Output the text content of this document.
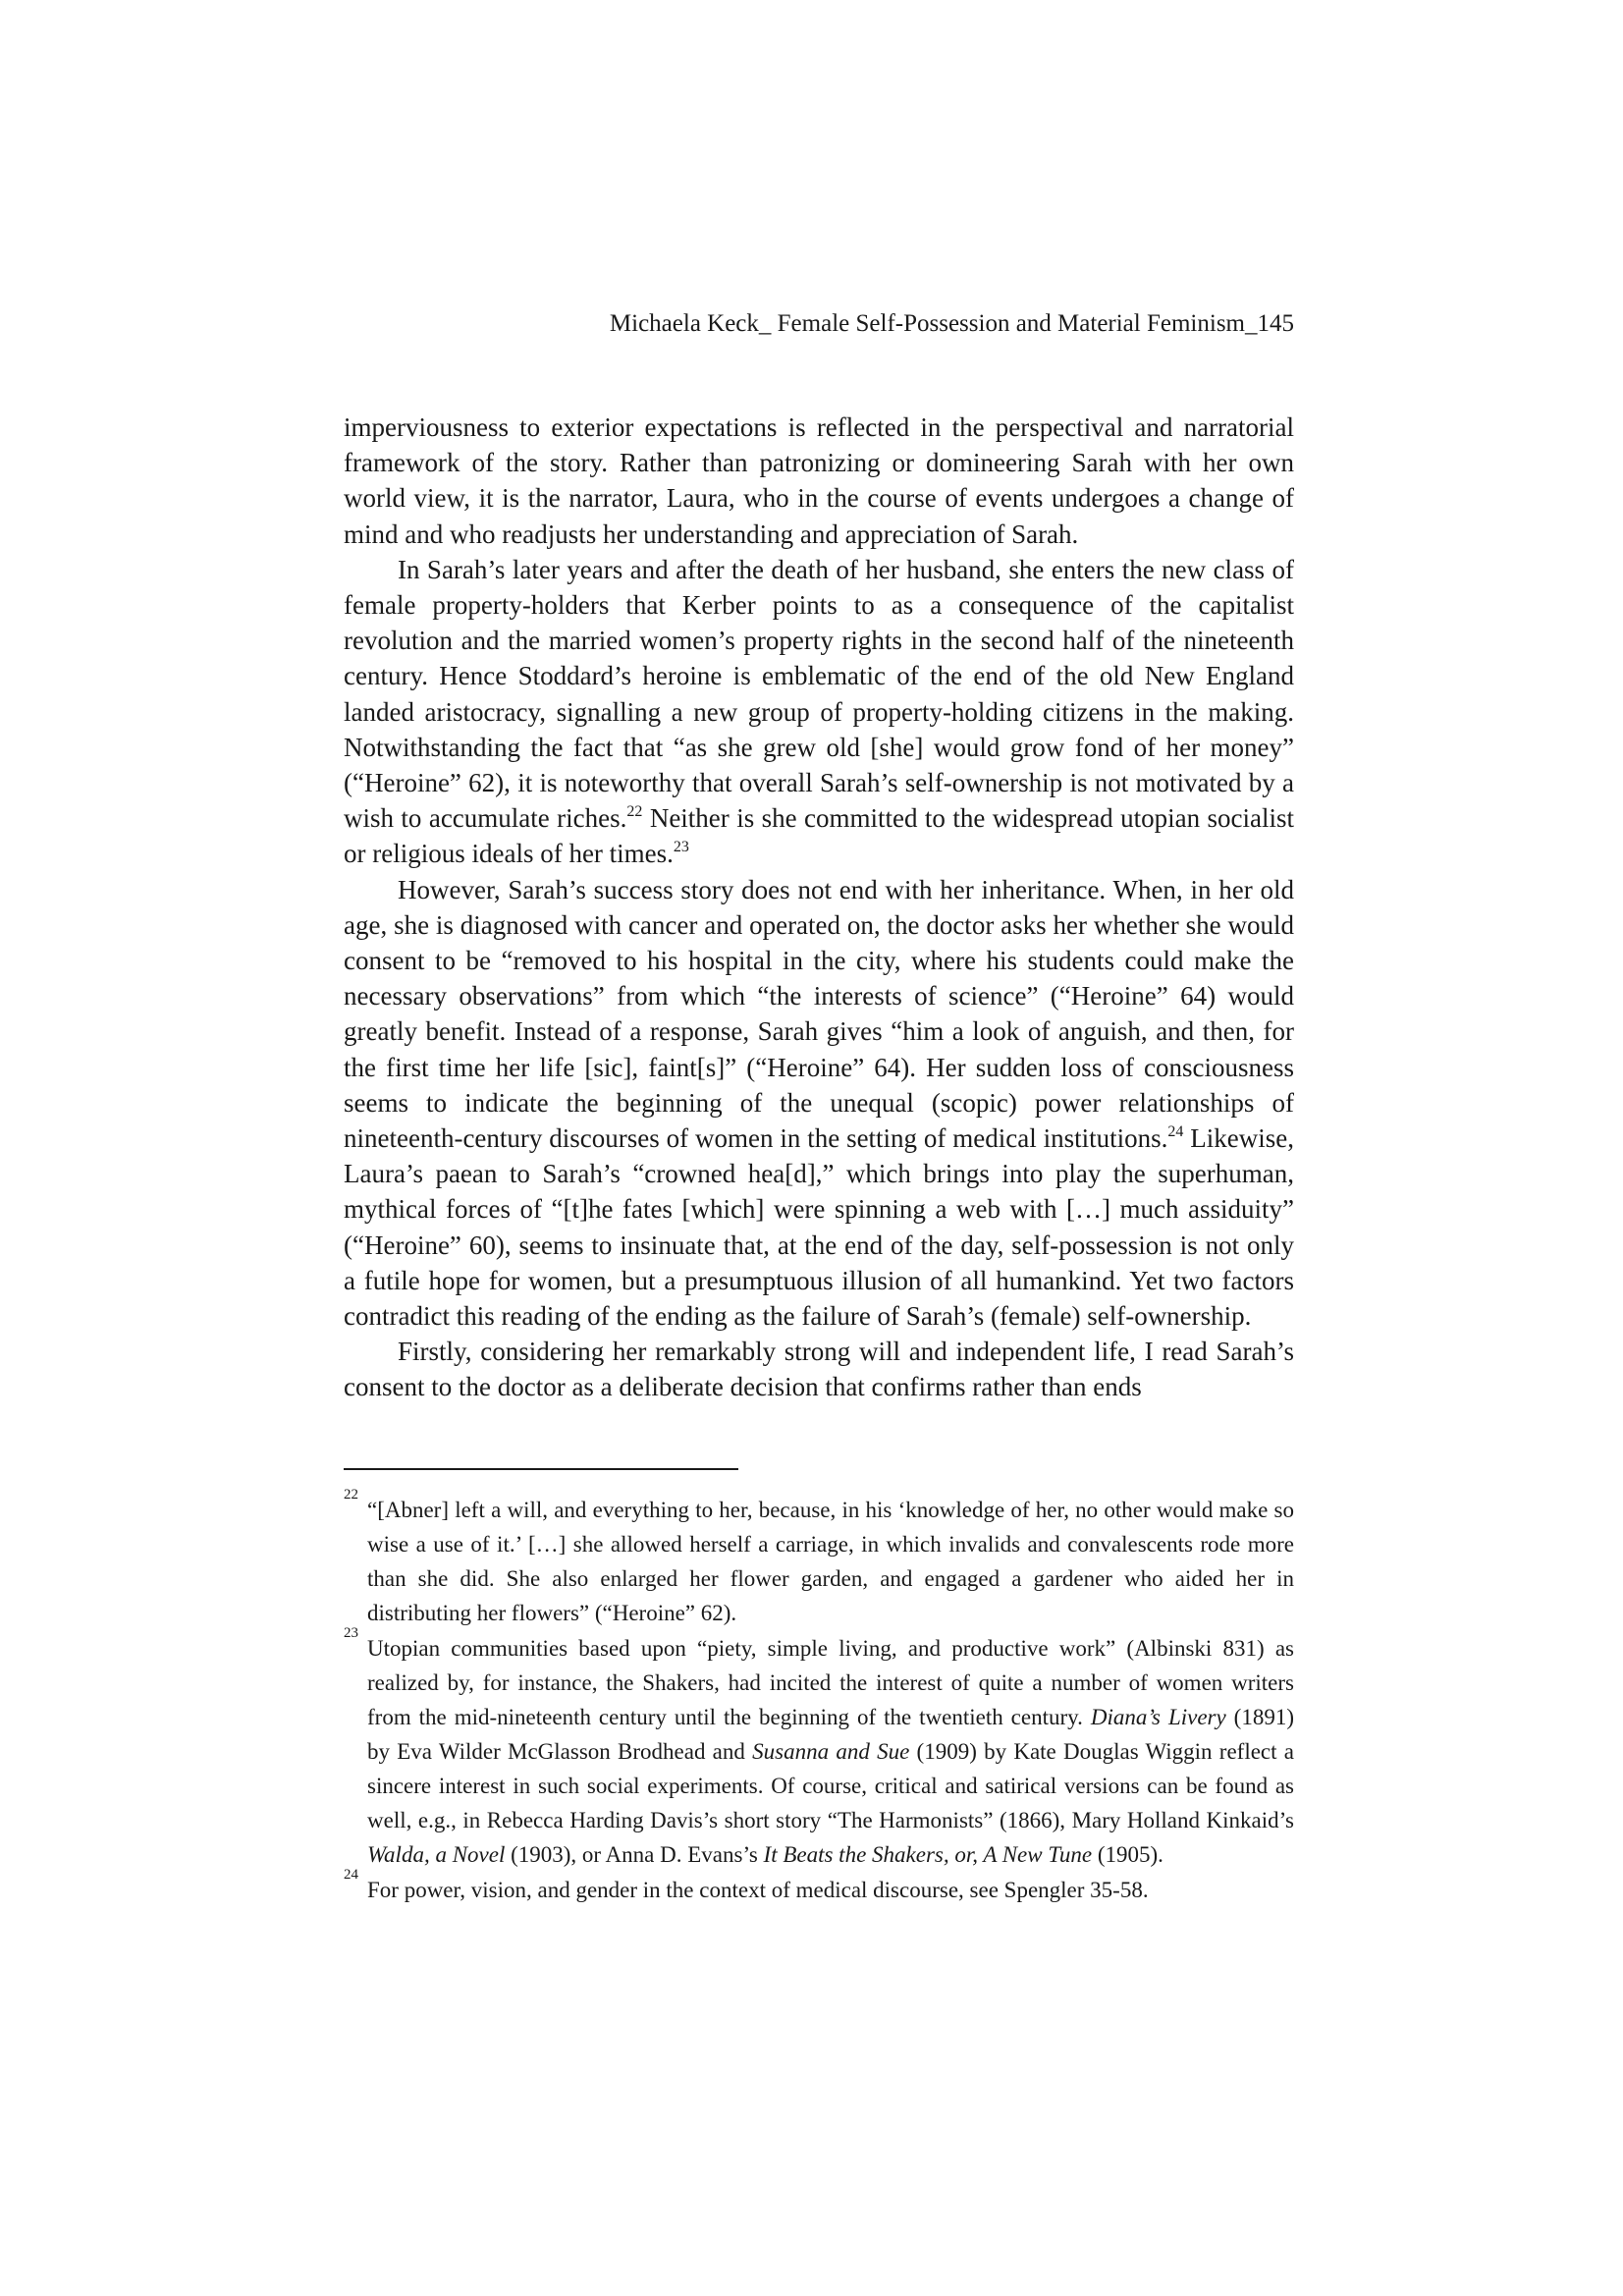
Michaela Keck_ Female Self-Possession and Material Feminism_145

imperviousness to exterior expectations is reflected in the perspectival and narratorial framework of the story. Rather than patronizing or domineering Sarah with her own world view, it is the narrator, Laura, who in the course of events undergoes a change of mind and who readjusts her understanding and appreciation of Sarah.

In Sarah’s later years and after the death of her husband, she enters the new class of female property-holders that Kerber points to as a consequence of the capitalist revolution and the married women’s property rights in the second half of the nineteenth century. Hence Stoddard’s heroine is emblematic of the end of the old New England landed aristocracy, signalling a new group of property-holding citizens in the making. Notwithstanding the fact that “as she grew old [she] would grow fond of her money” (“Heroine” 62), it is noteworthy that overall Sarah’s self-ownership is not motivated by a wish to accumulate riches.$^{22}$ Neither is she committed to the widespread utopian socialist or religious ideals of her times.$^{23}$

However, Sarah’s success story does not end with her inheritance. When, in her old age, she is diagnosed with cancer and operated on, the doctor asks her whether she would consent to be “removed to his hospital in the city, where his students could make the necessary observations” from which “the interests of science” (“Heroine” 64) would greatly benefit. Instead of a response, Sarah gives “him a look of anguish, and then, for the first time her life [sic], faint[s]” (“Heroine” 64). Her sudden loss of consciousness seems to indicate the beginning of the unequal (scopic) power relationships of nineteenth-century discourses of women in the setting of medical institutions.$^{24}$ Likewise, Laura’s paean to Sarah’s “crowned hea[d],” which brings into play the superhuman, mythical forces of “[t]he fates [which] were spinning a web with […] much assiduity” (“Heroine” 60), seems to insinuate that, at the end of the day, self-possession is not only a futile hope for women, but a presumptuous illusion of all humankind. Yet two factors contradict this reading of the ending as the failure of Sarah’s (female) self-ownership.

Firstly, considering her remarkably strong will and independent life, I read Sarah’s consent to the doctor as a deliberate decision that confirms rather than ends

22
“[Abner] left a will, and everything to her, because, in his ‘knowledge of her, no other would make so wise a use of it.’ […] she allowed herself a carriage, in which invalids and convalescents rode more than she did. She also enlarged her flower garden, and engaged a gardener who aided her in distributing her flowers” (“Heroine” 62).
23
Utopian communities based upon “piety, simple living, and productive work” (Albinski 831) as realized by, for instance, the Shakers, had incited the interest of quite a number of women writers from the mid-nineteenth century until the beginning of the twentieth century. Diana’s Livery (1891) by Eva Wilder McGlasson Brodhead and Susanna and Sue (1909) by Kate Douglas Wiggin reflect a sincere interest in such social experiments. Of course, critical and satirical versions can be found as well, e.g., in Rebecca Harding Davis’s short story “The Harmonists” (1866), Mary Holland Kinkaid’s Walda, a Novel (1903), or Anna D. Evans’s It Beats the Shakers, or, A New Tune (1905).
24
For power, vision, and gender in the context of medical discourse, see Spengler 35-58.
